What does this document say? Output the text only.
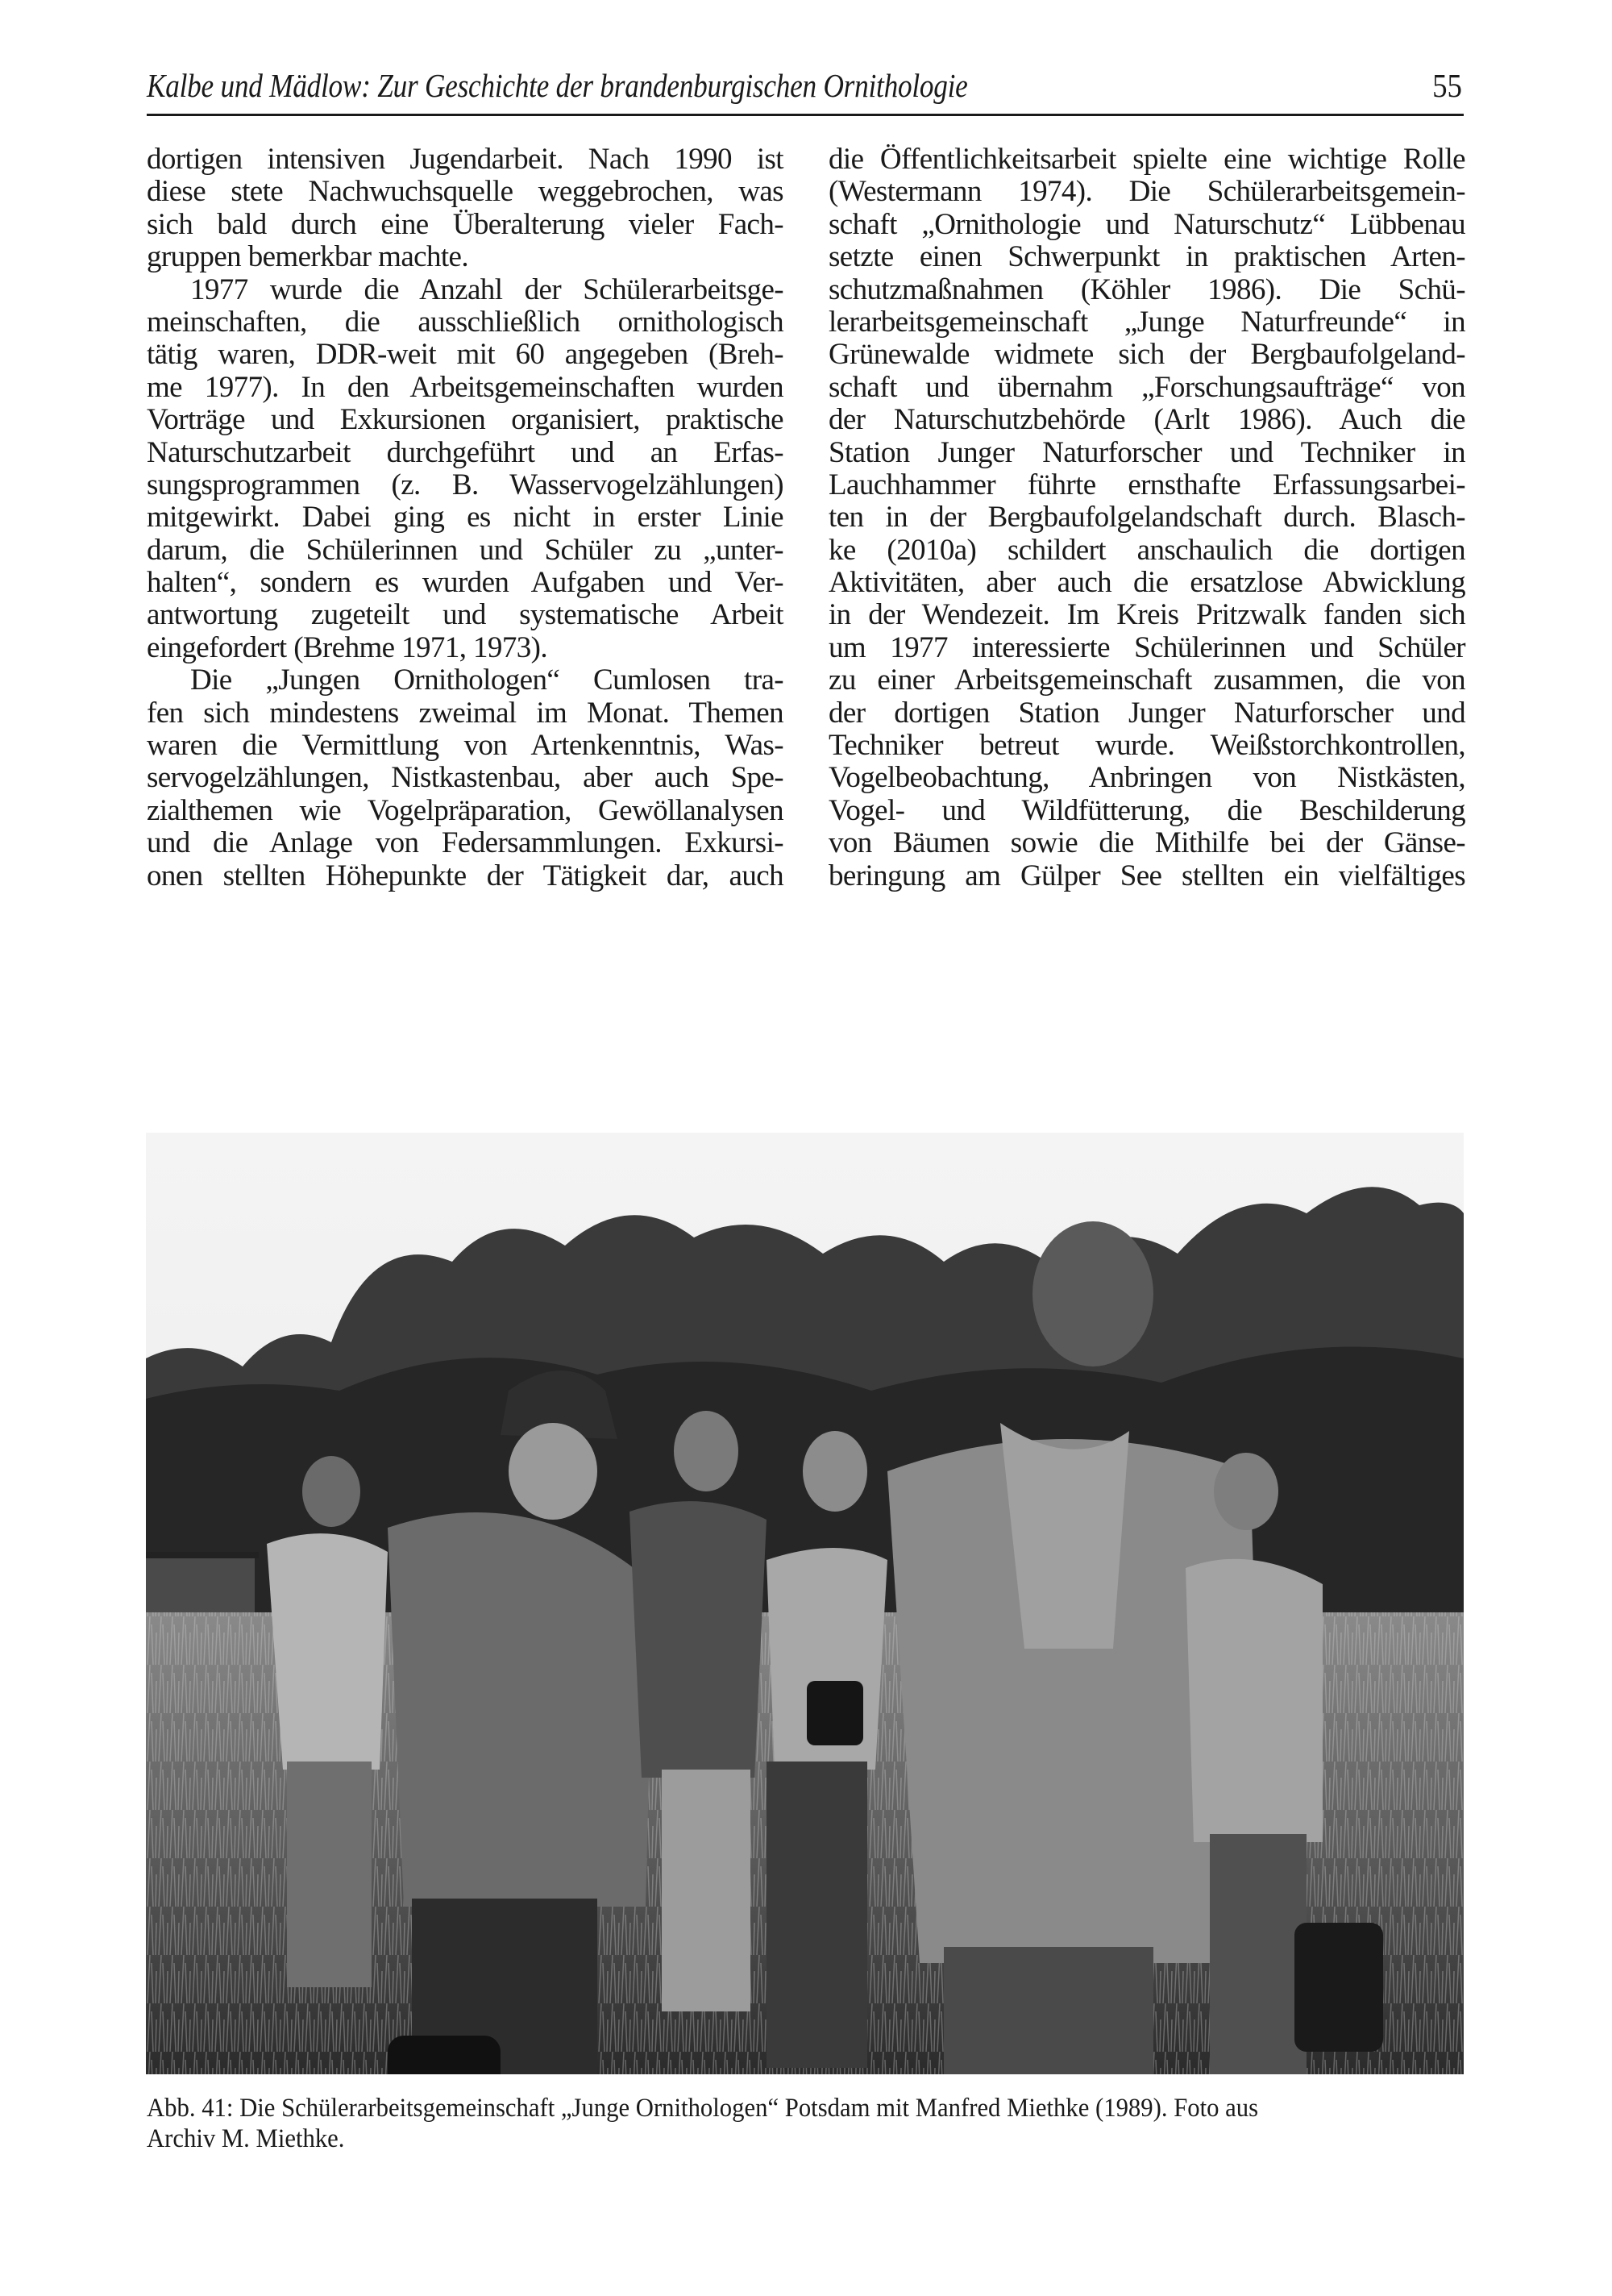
Kalbe und Mädlow: Zur Geschichte der brandenburgischen Ornithologie	55
dortigen intensiven Jugendarbeit. Nach 1990 ist
diese stete Nachwuchsquelle weggebrochen, was
sich bald durch eine Überalterung vieler Fach-
gruppen bemerkbar machte.
1977 wurde die Anzahl der Schülerarbeitsge-
meinschaften, die ausschließlich ornithologisch
tätig waren, DDR-weit mit 60 angegeben (Breh-
me 1977). In den Arbeitsgemeinschaften wurden
Vorträge und Exkursionen organisiert, praktische
Naturschutzarbeit durchgeführt und an Erfas-
sungsprogrammen (z. B. Wasservogelzählungen)
mitgewirkt. Dabei ging es nicht in erster Linie
darum, die Schülerinnen und Schüler zu „unter-
halten“, sondern es wurden Aufgaben und Ver-
antwortung zugeteilt und systematische Arbeit
eingefordert (Brehme 1971, 1973).
Die „Jungen Ornithologen“ Cumlosen tra-
fen sich mindestens zweimal im Monat. Themen
waren die Vermittlung von Artenkenntnis, Was-
servogelzählungen, Nistkastenbau, aber auch Spe-
zialthemen wie Vogelpräparation, Gewöllanalysen
und die Anlage von Federsammlungen. Exkursi-
onen stellten Höhepunkte der Tätigkeit dar, auch
die Öffentlichkeitsarbeit spielte eine wichtige Rolle
(Westermann 1974). Die Schülerarbeitsgemein-
schaft „Ornithologie und Naturschutz“ Lübbenau
setzte einen Schwerpunkt in praktischen Arten-
schutzmaßnahmen (Köhler 1986). Die Schü-
lerarbeitsgemeinschaft „Junge Naturfreunde“ in
Grünewalde widmete sich der Bergbaufolgeland-
schaft und übernahm „Forschungsaufträge“ von
der Naturschutzbehörde (Arlt 1986). Auch die
Station Junger Naturforscher und Techniker in
Lauchhammer führte ernsthafte Erfassungsarbei-
ten in der Bergbaufolgelandschaft durch. Blasch-
ke (2010a) schildert anschaulich die dortigen
Aktivitäten, aber auch die ersatzlose Abwicklung
in der Wendezeit. Im Kreis Pritzwalk fanden sich
um 1977 interessierte Schülerinnen und Schüler
zu einer Arbeitsgemeinschaft zusammen, die von
der dortigen Station Junger Naturforscher und
Techniker betreut wurde. Weißstorchkontrollen,
Vogelbeobachtung, Anbringen von Nistkästen,
Vogel- und Wildfütterung, die Beschilderung
von Bäumen sowie die Mithilfe bei der Gänse-
beringung am Gülper See stellten ein vielfältiges
Abb. 41: Die Schülerarbeitsgemeinschaft „Junge Ornithologen“ Potsdam mit Manfred Miethke (1989). Foto aus
Archiv M. Miethke.
